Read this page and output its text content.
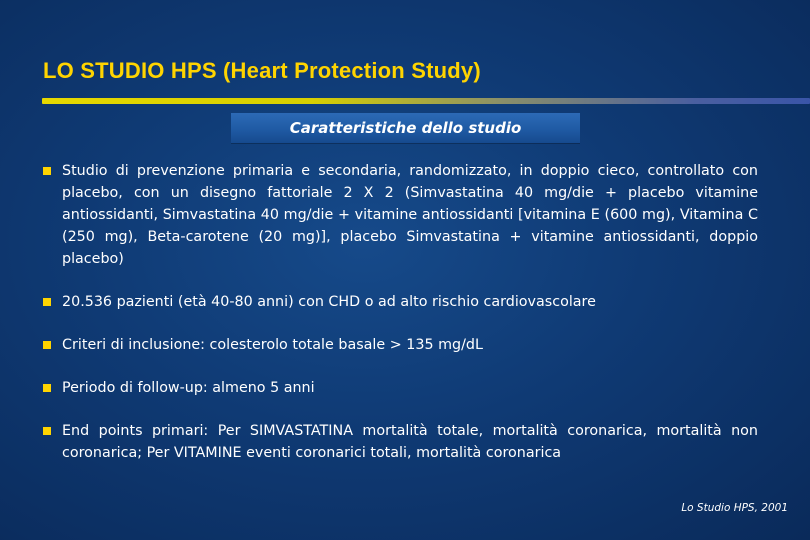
LO STUDIO HPS (Heart Protection Study)
Caratteristiche dello studio
Studio di prevenzione primaria e secondaria, randomizzato, in doppio cieco, controllato con placebo, con un disegno fattoriale 2 X 2 (Simvastatina 40 mg/die + placebo vitamine antiossidanti, Simvastatina 40 mg/die + vitamine antiossidanti [vitamina E (600 mg), Vitamina C (250 mg), Beta-carotene (20 mg)], placebo Simvastatina + vitamine antiossidanti, doppio placebo)
20.536 pazienti (età 40-80 anni) con CHD o ad alto rischio cardiovascolare
Criteri di inclusione: colesterolo totale basale > 135 mg/dL
Periodo di follow-up: almeno 5 anni
End points primari: Per SIMVASTATINA mortalità totale, mortalità coronarica, mortalità non coronarica; Per VITAMINE eventi coronarici totali, mortalità coronarica
Lo Studio HPS, 2001
